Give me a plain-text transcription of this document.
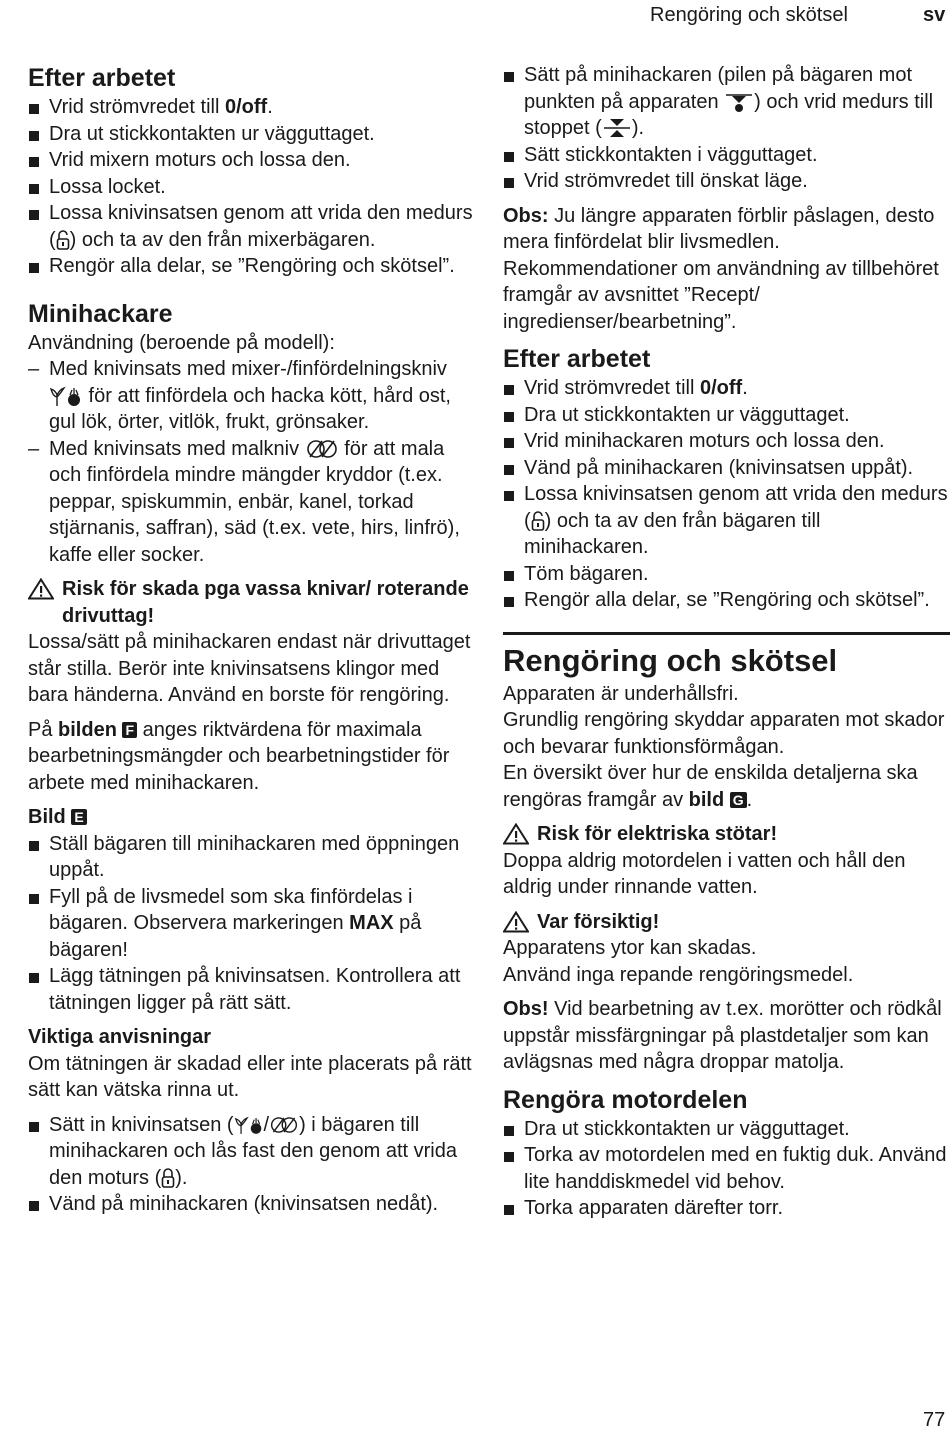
Rengöring och skötsel	sv
Efter arbetet
Vrid strömvredet till 0/off.
Dra ut stickkontakten ur vägguttaget.
Vrid mixern moturs och lossa den.
Lossa locket.
Lossa knivinsatsen genom att vrida den medurs ( ) och ta av den från mixerbägaren.
Rengör alla delar, se ”Rengöring och skötsel”.
Minihackare
Användning (beroende på modell):
– Med knivinsats med mixer-/finfördelningskniv  för att finfördela och hacka kött, hård ost, gul lök, örter, vitlök, frukt, grönsaker.
– Med knivinsats med malkniv  för att mala och finfördela mindre mängder kryddor (t.ex. peppar, spiskummin, enbär, kanel, torkad stjärnanis, saffran), säd (t.ex. vete, hirs, linfrö), kaffe eller socker.
Risk för skada pga vassa knivar/ roterande drivuttag!
Lossa/sätt på minihackaren endast när drivuttaget står stilla. Berör inte knivinsatsens klingor med bara händerna. Använd en borste för rengöring.
På bilden F anges riktvärdena för maximala bearbetningsmängder och bearbetningstider för arbete med minihackaren.
Bild E
Ställ bägaren till minihackaren med öppningen uppåt.
Fyll på de livsmedel som ska finfördelas i bägaren. Observera markeringen MAX på bägaren!
Lägg tätningen på knivinsatsen. Kontrollera att tätningen ligger på rätt sätt.
Viktiga anvisningar
Om tätningen är skadad eller inte placerats på rätt sätt kan vätska rinna ut.
Sätt in knivinsatsen ( / ) i bägaren till minihackaren och lås fast den genom att vrida den moturs ( ).
Vänd på minihackaren (knivinsatsen nedåt).
Sätt på minihackaren (pilen på bägaren mot punkten på apparaten ) och vrid medurs till stoppet ( ).
Sätt stickkontakten i vägguttaget.
Vrid strömvredet till önskat läge.
Obs: Ju längre apparaten förblir påslagen, desto mera finfördelat blir livsmedlen. Rekommendationer om användning av tillbehöret framgår av avsnittet ”Recept/ ingredienser/bearbetning”.
Efter arbetet
Vrid strömvredet till 0/off.
Dra ut stickkontakten ur vägguttaget.
Vrid minihackaren moturs och lossa den.
Vänd på minihackaren (knivinsatsen uppåt).
Lossa knivinsatsen genom att vrida den medurs ( ) och ta av den från bägaren till minihackaren.
Töm bägaren.
Rengör alla delar, se ”Rengöring och skötsel”.
Rengöring och skötsel
Apparaten är underhållsfri.
Grundlig rengöring skyddar apparaten mot skador och bevarar funktionsförmågan.
En översikt över hur de enskilda detaljerna ska rengöras framgår av bild G .
Risk för elektriska stötar!
Doppa aldrig motordelen i vatten och håll den aldrig under rinnande vatten.
Var försiktig!
Apparatens ytor kan skadas.
Använd inga repande rengöringsmedel.
Obs! Vid bearbetning av t.ex. morötter och rödkål uppstår missfärgningar på plastdetaljer som kan avlägsnas med några droppar matolja.
Rengöra motordelen
Dra ut stickkontakten ur vägguttaget.
Torka av motordelen med en fuktig duk. Använd lite handdiskmedel vid behov.
Torka apparaten därefter torr.
77
